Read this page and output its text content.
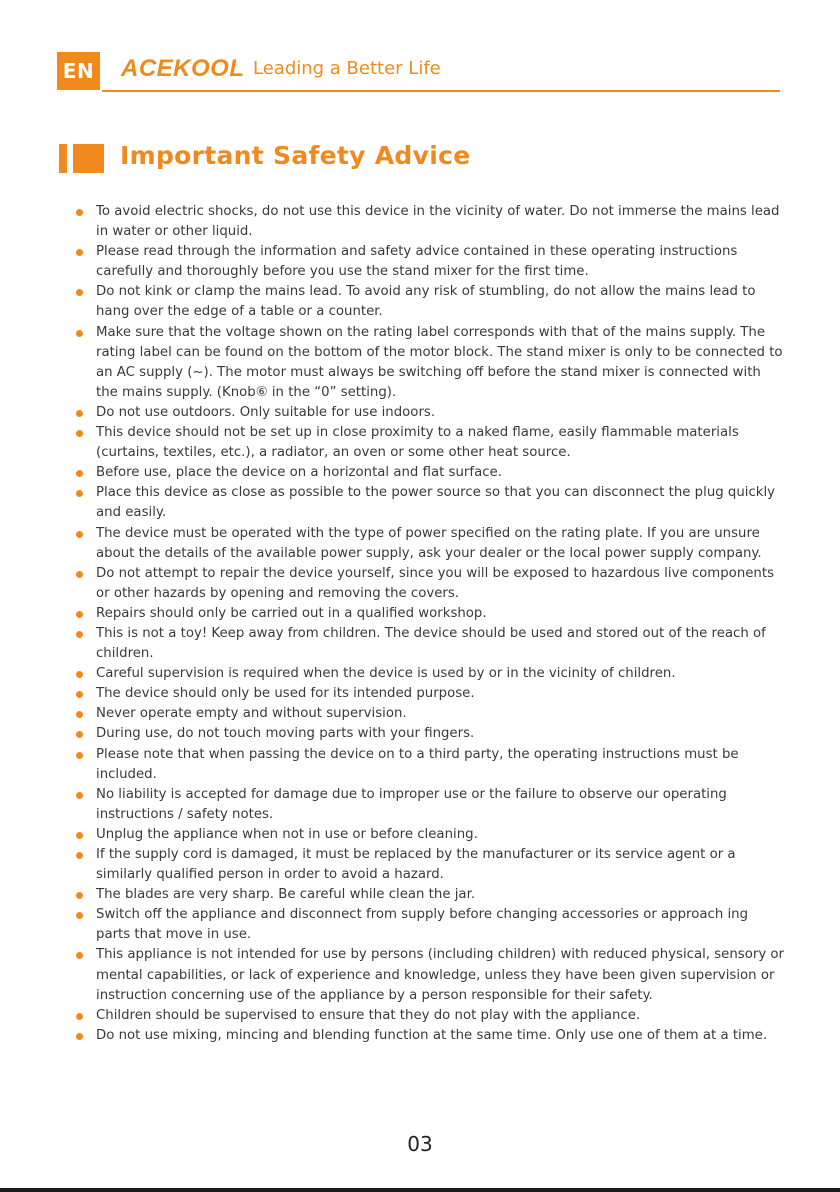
EN ACEKOOL Leading a Better Life
Important Safety Advice
To avoid electric shocks, do not use this device in the vicinity of water. Do not immerse the mains lead in water or other liquid.
Please read through the information and safety advice contained in these operating instructions carefully and thoroughly before you use the stand mixer for the first time.
Do not kink or clamp the mains lead. To avoid any risk of stumbling, do not allow the mains lead to hang over the edge of a table or a counter.
Make sure that the voltage shown on the rating label corresponds with that of the mains supply. The rating label can be found on the bottom of the motor block. The stand mixer is only to be connected to an AC supply (~). The motor must always be switching off before the stand mixer is connected with the mains supply. (Knob⑥ in the “0” setting).
Do not use outdoors. Only suitable for use indoors.
This device should not be set up in close proximity to a naked flame, easily flammable materials (curtains, textiles, etc.), a radiator, an oven or some other heat source.
Before use, place the device on a horizontal and flat surface.
Place this device as close as possible to the power source so that you can disconnect the plug quickly and easily.
The device must be operated with the type of power specified on the rating plate. If you are unsure about the details of the available power supply, ask your dealer or the local power supply company.
Do not attempt to repair the device yourself, since you will be exposed to hazardous live components or other hazards by opening and removing the covers.
Repairs should only be carried out in a qualified workshop.
This is not a toy! Keep away from children. The device should be used and stored out of the reach of children.
Careful supervision is required when the device is used by or in the vicinity of children.
The device should only be used for its intended purpose.
Never operate empty and without supervision.
During use, do not touch moving parts with your fingers.
Please note that when passing the device on to a third party, the operating instructions must be included.
No liability is accepted for damage due to improper use or the failure to observe our operating instructions / safety notes.
Unplug the appliance when not in use or before cleaning.
If the supply cord is damaged, it must be replaced by the manufacturer or its service agent or a similarly qualified person in order to avoid a hazard.
The blades are very sharp. Be careful while clean the jar.
Switch off the appliance and disconnect from supply before changing accessories or approach ing parts that move in use.
This appliance is not intended for use by persons (including children) with reduced physical, sensory or mental capabilities, or lack of experience and knowledge, unless they have been given supervision or instruction concerning use of the appliance by a person responsible for their safety.
Children should be supervised to ensure that they do not play with the appliance.
Do not use mixing, mincing and blending function at the same time. Only use one of them at a time.
03
